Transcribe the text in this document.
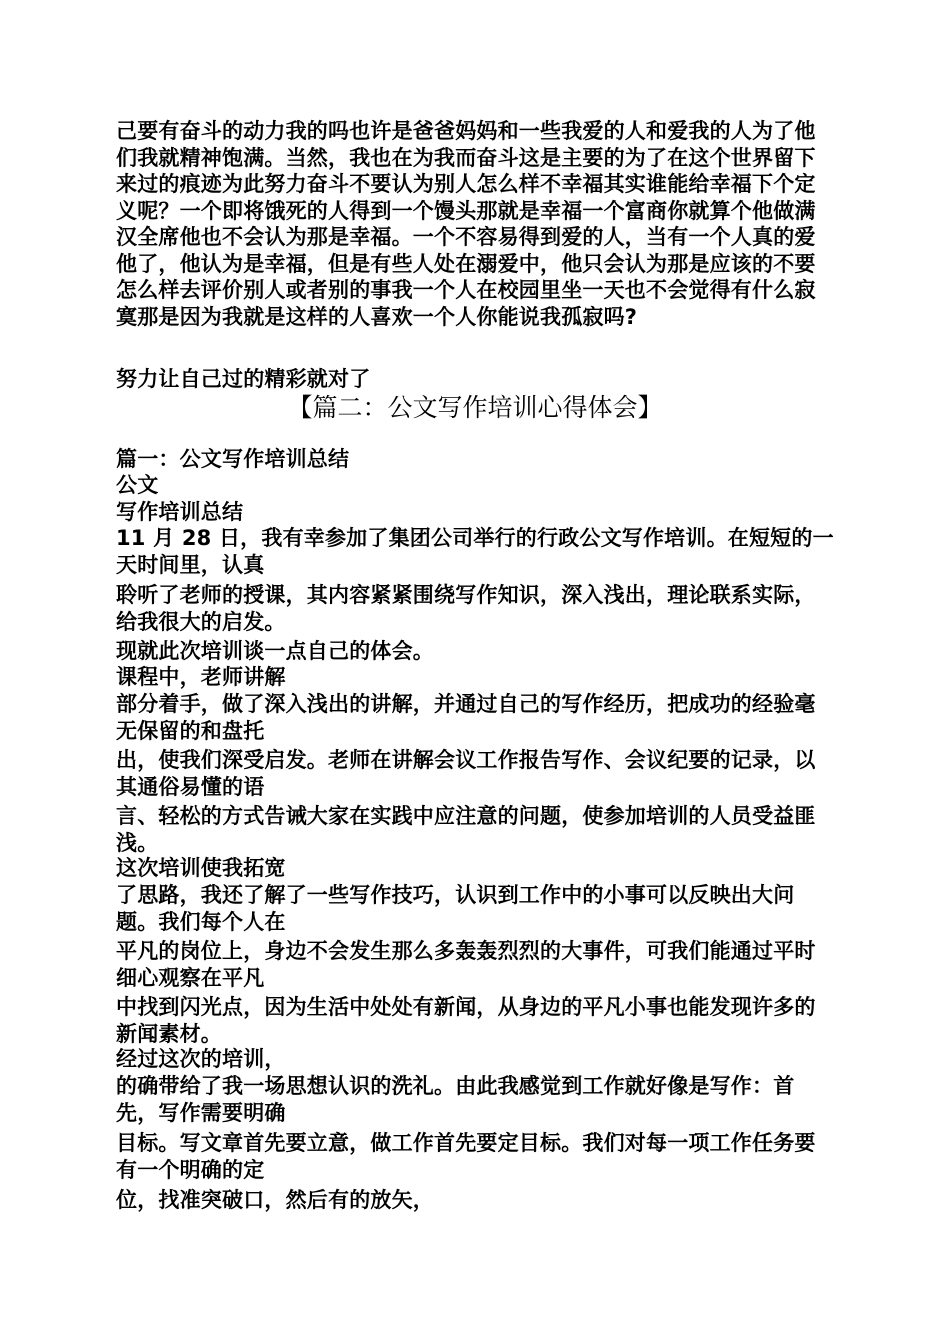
己要有奋斗的动力我的吗也许是爸爸妈妈和一些我爱的人和爱我的人为了他们我就精神饱满。当然，我也在为我而奋斗这是主要的为了在这个世界留下来过的痕迹为此努力奋斗不要认为别人怎么样不幸福其实谁能给幸福下个定义呢？一个即将饿死的人得到一个馒头那就是幸福一个富商你就算个他做满汉全席他也不会认为那是幸福。一个不容易得到爱的人，当有一个人真的爱他了，他认为是幸福，但是有些人处在溺爱中，他只会认为那是应该的不要怎么样去评价别人或者别的事我一个人在校园里坐一天也不会觉得有什么寂寞那是因为我就是这样的人喜欢一个人你能说我孤寂吗?

努力让自己过的精彩就对了

【篇二：公文写作培训心得体会】

篇一：公文写作培训总结

公文

写作培训总结

11 月 28 日，我有幸参加了集团公司举行的行政公文写作培训。在短短的一天时间里，认真

聆听了老师的授课，其内容紧紧围绕写作知识，深入浅出，理论联系实际，给我很大的启发。

现就此次培训谈一点自己的体会。

课程中，老师讲解

部分着手，做了深入浅出的讲解，并通过自己的写作经历，把成功的经验毫无保留的和盘托

出，使我们深受启发。老师在讲解会议工作报告写作、会议纪要的记录，以其通俗易懂的语

言、轻松的方式告诫大家在实践中应注意的问题，使参加培训的人员受益匪浅。

这次培训使我拓宽

了思路，我还了解了一些写作技巧，认识到工作中的小事可以反映出大问题。我们每个人在

平凡的岗位上，身边不会发生那么多轰轰烈烈的大事件，可我们能通过平时细心观察在平凡

中找到闪光点，因为生活中处处有新闻，从身边的平凡小事也能发现许多的新闻素材。

经过这次的培训，

的确带给了我一场思想认识的洗礼。由此我感觉到工作就好像是写作：首先，写作需要明确

目标。写文章首先要立意，做工作首先要定目标。我们对每一项工作任务要有一个明确的定

位，找准突破口，然后有的放矢，
